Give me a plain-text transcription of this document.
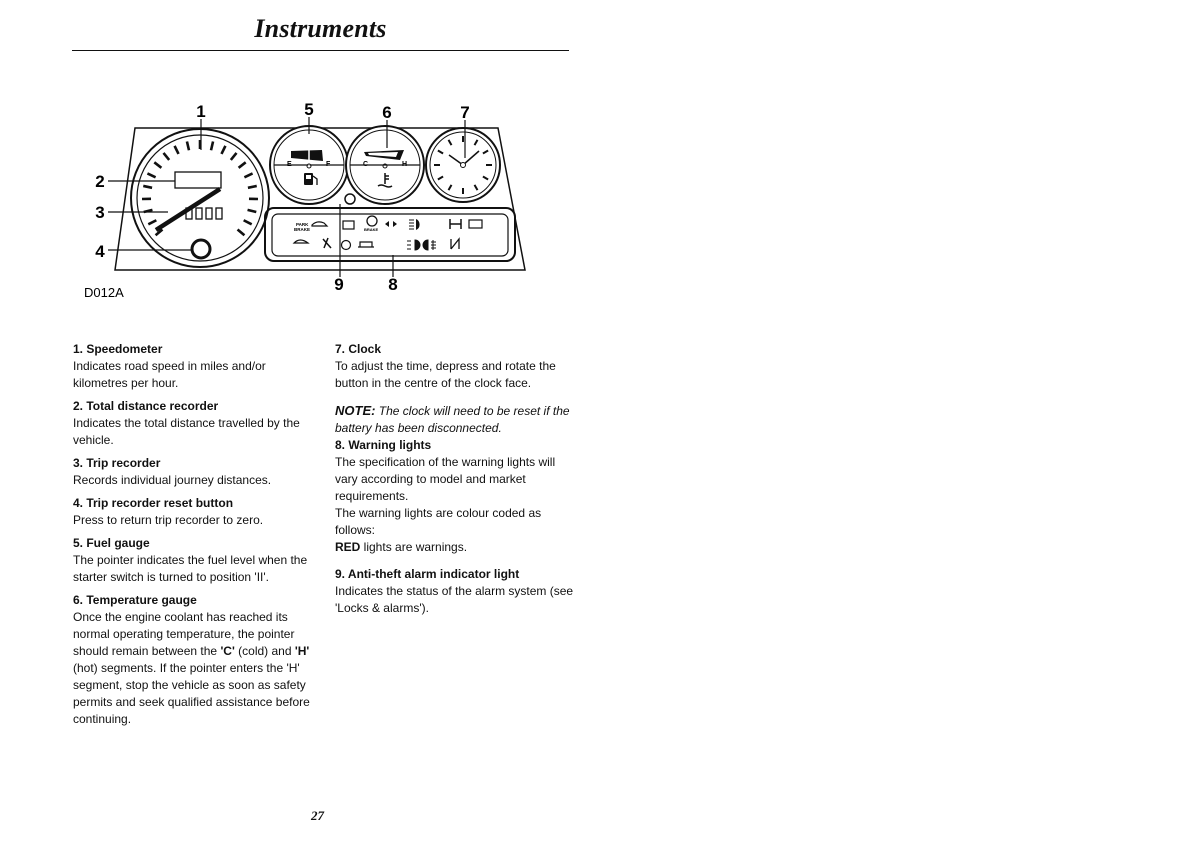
Instruments
E	F	C	H
PARK
BRAKE	BRAKE
1
2
3
4
5	6	7
8
9
D012A
1. Speedometer

Indicates road speed in miles and/or kilometres per hour.

2. Total distance recorder

Indicates the total distance travelled by the vehicle.

3. Trip recorder

Records individual journey distances.

4. Trip recorder reset button

Press to return trip recorder to zero.

5. Fuel gauge

The pointer indicates the fuel level when the starter switch is turned to position 'II'.

6. Temperature gauge

Once the engine coolant has reached its normal operating temperature, the pointer should remain between the 'C' (cold) and 'H' (hot) segments. If the pointer enters the 'H' segment, stop the vehicle as soon as safety permits and seek qualified assistance before continuing.

7. Clock

To adjust the time, depress and rotate the button in the centre of the clock face.

NOTE: The clock will need to be reset if the battery has been disconnected.

8. Warning lights

The specification of the warning lights will vary according to model and market requirements.

The warning lights are colour coded as follows:

RED lights are warnings.

9. Anti-theft alarm indicator light

Indicates the status of the alarm system (see 'Locks & alarms').

27
